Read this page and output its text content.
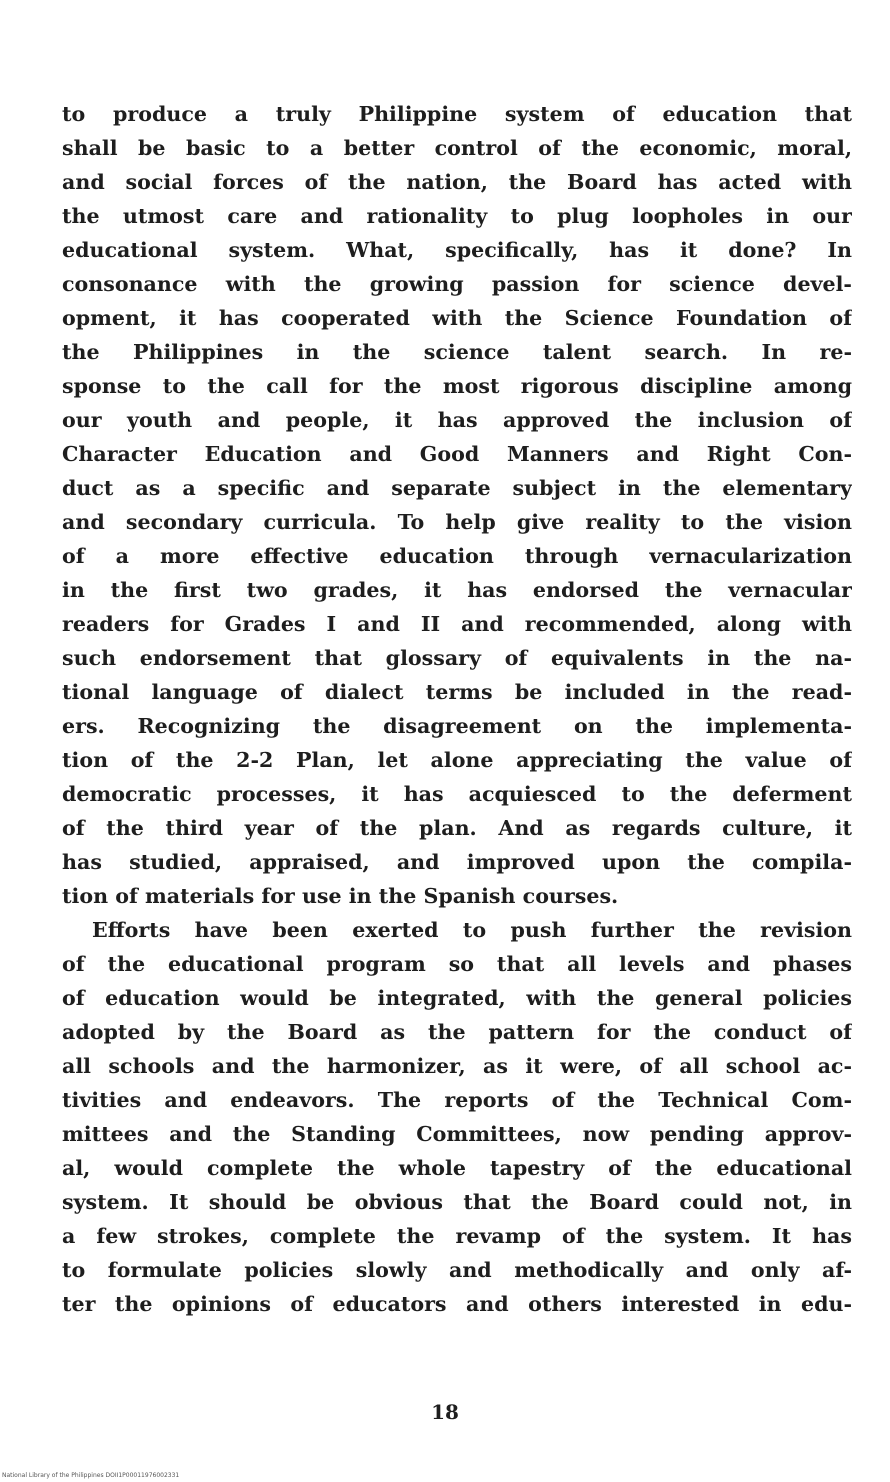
to produce a truly Philippine system of education that
shall be basic to a better control of the economic, moral,
and social forces of the nation, the Board has acted with
the utmost care and rationality to plug loopholes in our
educational system. What, specifically, has it done? In
consonance with the growing passion for science devel-
opment, it has cooperated with the Science Foundation of
the Philippines in the science talent search. In re-
sponse to the call for the most rigorous discipline among
our youth and people, it has approved the inclusion of
Character Education and Good Manners and Right Con-
duct as a specific and separate subject in the elementary
and secondary curricula. To help give reality to the vision
of a more effective education through vernacularization
in the first two grades, it has endorsed the vernacular
readers for Grades I and II and recommended, along with
such endorsement that glossary of equivalents in the na-
tional language of dialect terms be included in the read-
ers. Recognizing the disagreement on the implementa-
tion of the 2-2 Plan, let alone appreciating the value of
democratic processes, it has acquiesced to the deferment
of the third year of the plan. And as regards culture, it
has studied, appraised, and improved upon the compila-
tion of materials for use in the Spanish courses.
Efforts have been exerted to push further the revision
of the educational program so that all levels and phases
of education would be integrated, with the general policies
adopted by the Board as the pattern for the conduct of
all schools and the harmonizer, as it were, of all school ac-
tivities and endeavors. The reports of the Technical Com-
mittees and the Standing Committees, now pending approv-
al, would complete the whole tapestry of the educational
system. It should be obvious that the Board could not, in
a few strokes, complete the revamp of the system. It has
to formulate policies slowly and methodically and only af-
ter the opinions of educators and others interested in edu-
18
National Library of the Philippines DOII1P00011976002331
